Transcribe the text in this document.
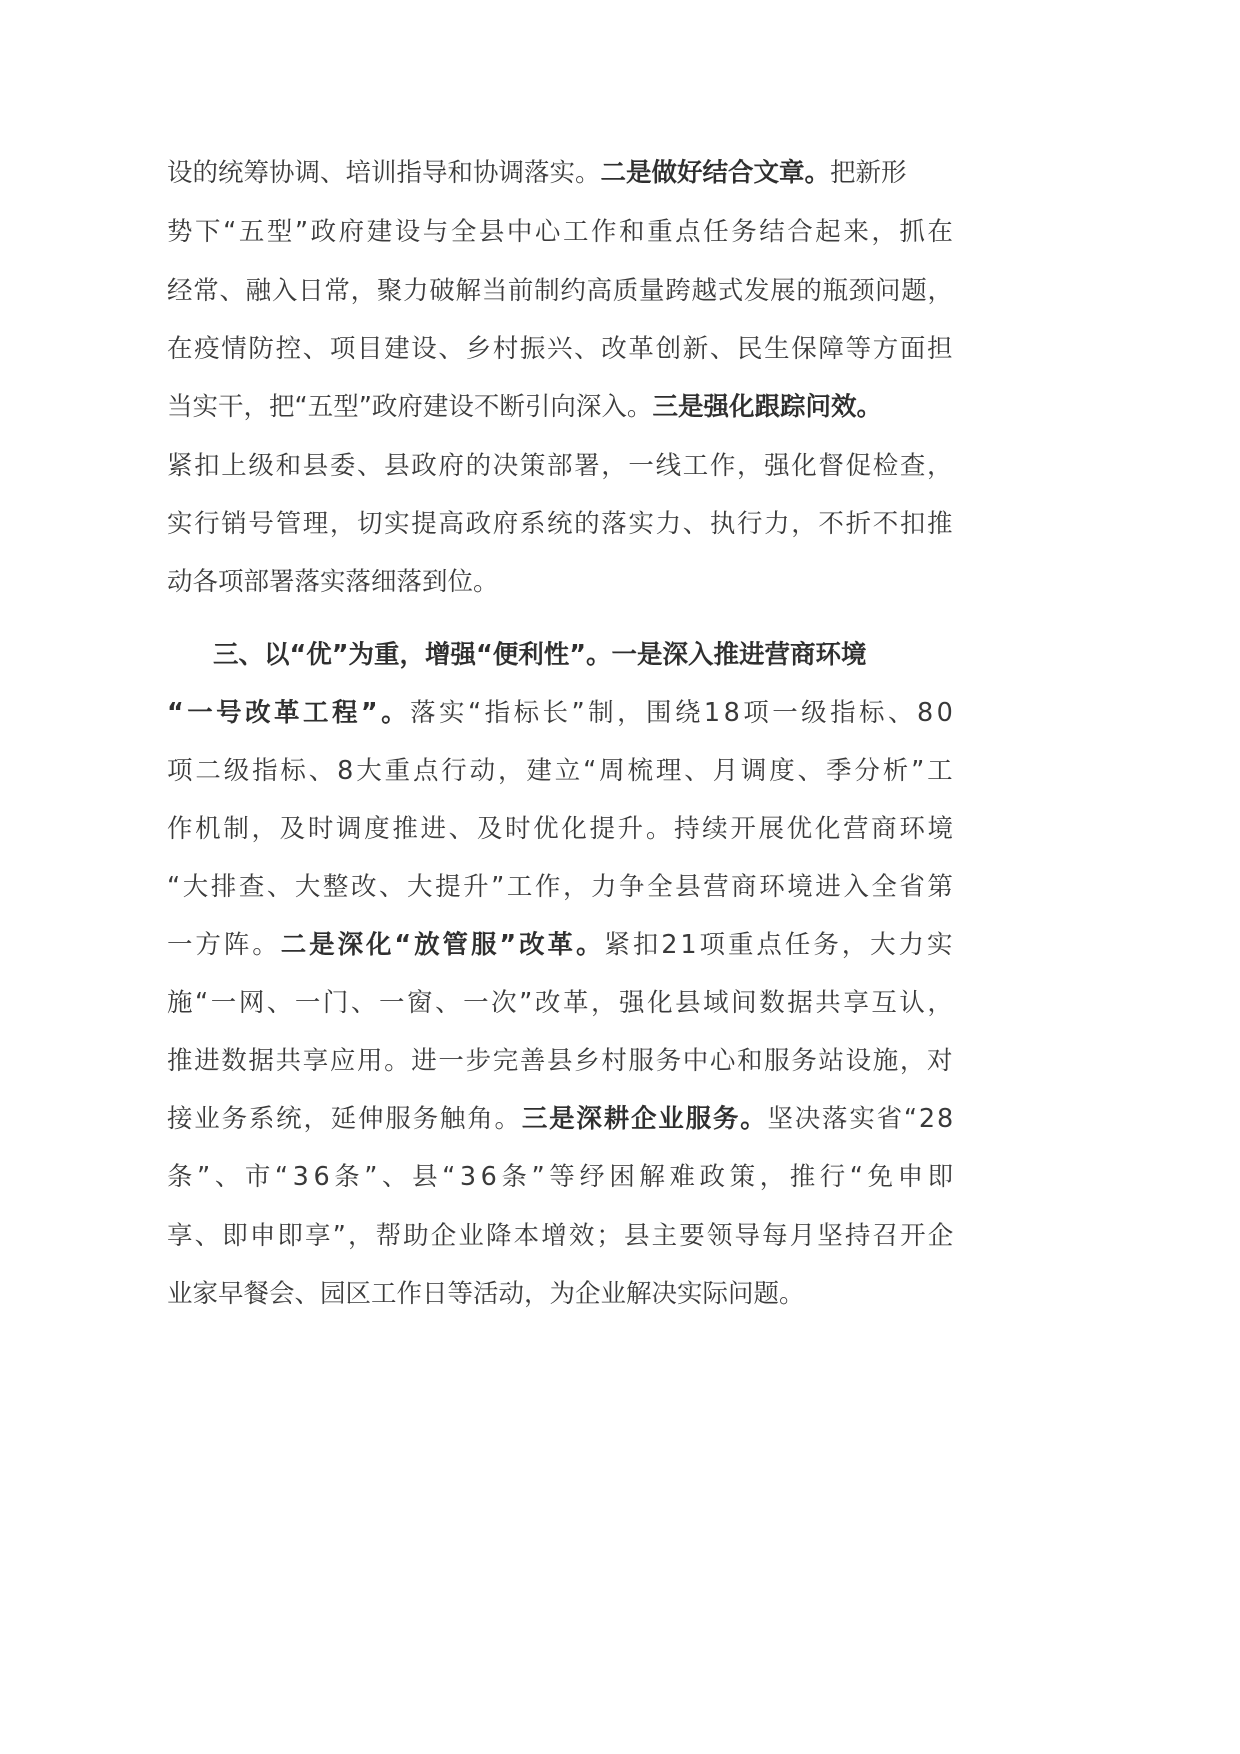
设的统筹协调、培训指导和协调落实。二是做好结合文章。把新形
势下“五型”政府建设与全县中心工作和重点任务结合起来，抓在
经常、融入日常，聚力破解当前制约高质量跨越式发展的瓶颈问题，
在疫情防控、项目建设、乡村振兴、改革创新、民生保障等方面担
当实干，把“五型”政府建设不断引向深入。三是强化跟踪问效。
紧扣上级和县委、县政府的决策部署，一线工作，强化督促检查，
实行销号管理，切实提高政府系统的落实力、执行力，不折不扣推
动各项部署落实落细落到位。
三、以“优”为重，增强“便利性”。一是深入推进营商环境
“一号改革工程”。落实“指标长”制，围绕18项一级指标、80
项二级指标、8大重点行动，建立“周梳理、月调度、季分析”工
作机制，及时调度推进、及时优化提升。持续开展优化营商环境
“大排查、大整改、大提升”工作，力争全县营商环境进入全省第
一方阵。二是深化“放管服”改革。紧扣21项重点任务，大力实
施“一网、一门、一窗、一次”改革，强化县域间数据共享互认，
推进数据共享应用。进一步完善县乡村服务中心和服务站设施，对
接业务系统，延伸服务触角。三是深耕企业服务。坚决落实省“28
条”、市“36条”、县“36条”等纾困解难政策，推行“免申即
享、即申即享”，帮助企业降本增效；县主要领导每月坚持召开企
业家早餐会、园区工作日等活动，为企业解决实际问题。
